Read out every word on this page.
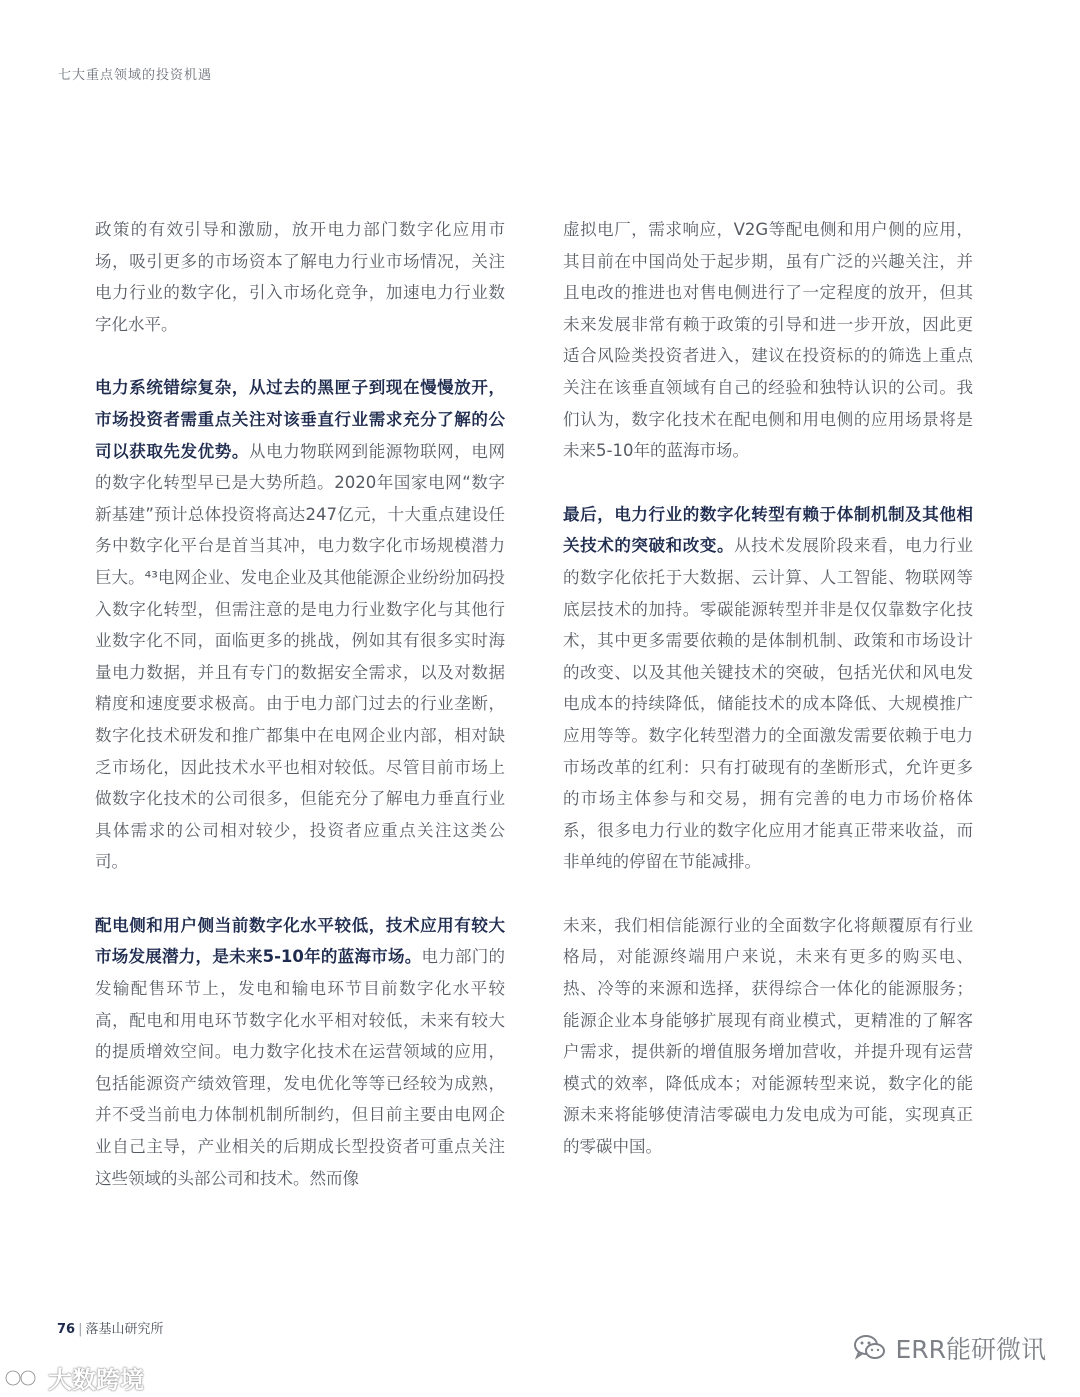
七大重点领域的投资机遇

政策的有效引导和激励，放开电力部门数字化应用市场，吸引更多的市场资本了解电力行业市场情况，关注电力行业的数字化，引入市场化竞争，加速电力行业数字化水平。

电力系统错综复杂，从过去的黑匣子到现在慢慢放开，市场投资者需重点关注对该垂直行业需求充分了解的公司以获取先发优势。从电力物联网到能源物联网，电网的数字化转型早已是大势所趋。2020年国家电网“数字新基建”预计总体投资将高达247亿元，十大重点建设任务中数字化平台是首当其冲，电力数字化市场规模潜力巨大。⁴³电网企业、发电企业及其他能源企业纷纷加码投入数字化转型，但需注意的是电力行业数字化与其他行业数字化不同，面临更多的挑战，例如其有很多实时海量电力数据，并且有专门的数据安全需求，以及对数据精度和速度要求极高。由于电力部门过去的行业垄断，数字化技术研发和推广都集中在电网企业内部，相对缺乏市场化，因此技术水平也相对较低。尽管目前市场上做数字化技术的公司很多，但能充分了解电力垂直行业具体需求的公司相对较少，投资者应重点关注这类公司。

配电侧和用户侧当前数字化水平较低，技术应用有较大市场发展潜力，是未来5-10年的蓝海市场。电力部门的发输配售环节上，发电和输电环节目前数字化水平较高，配电和用电环节数字化水平相对较低，未来有较大的提质增效空间。电力数字化技术在运营领域的应用，包括能源资产绩效管理，发电优化等等已经较为成熟，并不受当前电力体制机制所制约，但目前主要由电网企业自己主导，产业相关的后期成长型投资者可重点关注这些领域的头部公司和技术。然而像

虚拟电厂，需求响应，V2G等配电侧和用户侧的应用，其目前在中国尚处于起步期，虽有广泛的兴趣关注，并且电改的推进也对售电侧进行了一定程度的放开，但其未来发展非常有赖于政策的引导和进一步开放，因此更适合风险类投资者进入，建议在投资标的的筛选上重点关注在该垂直领域有自己的经验和独特认识的公司。我们认为，数字化技术在配电侧和用电侧的应用场景将是未来5-10年的蓝海市场。

最后，电力行业的数字化转型有赖于体制机制及其他相关技术的突破和改变。从技术发展阶段来看，电力行业的数字化依托于大数据、云计算、人工智能、物联网等底层技术的加持。零碳能源转型并非是仅仅靠数字化技术，其中更多需要依赖的是体制机制、政策和市场设计的改变、以及其他关键技术的突破，包括光伏和风电发电成本的持续降低，储能技术的成本降低、大规模推广应用等等。数字化转型潜力的全面激发需要依赖于电力市场改革的红利：只有打破现有的垄断形式，允许更多的市场主体参与和交易，拥有完善的电力市场价格体系，很多电力行业的数字化应用才能真正带来收益，而非单纯的停留在节能减排。

未来，我们相信能源行业的全面数字化将颠覆原有行业格局，对能源终端用户来说，未来有更多的购买电、热、冷等的来源和选择，获得综合一体化的能源服务；能源企业本身能够扩展现有商业模式，更精准的了解客户需求，提供新的增值服务增加营收，并提升现有运营模式的效率，降低成本；对能源转型来说，数字化的能源未来将能够使清洁零碳电力发电成为可能，实现真正的零碳中国。

76 | 落基山研究所
ERR能研微讯
大数跨境
